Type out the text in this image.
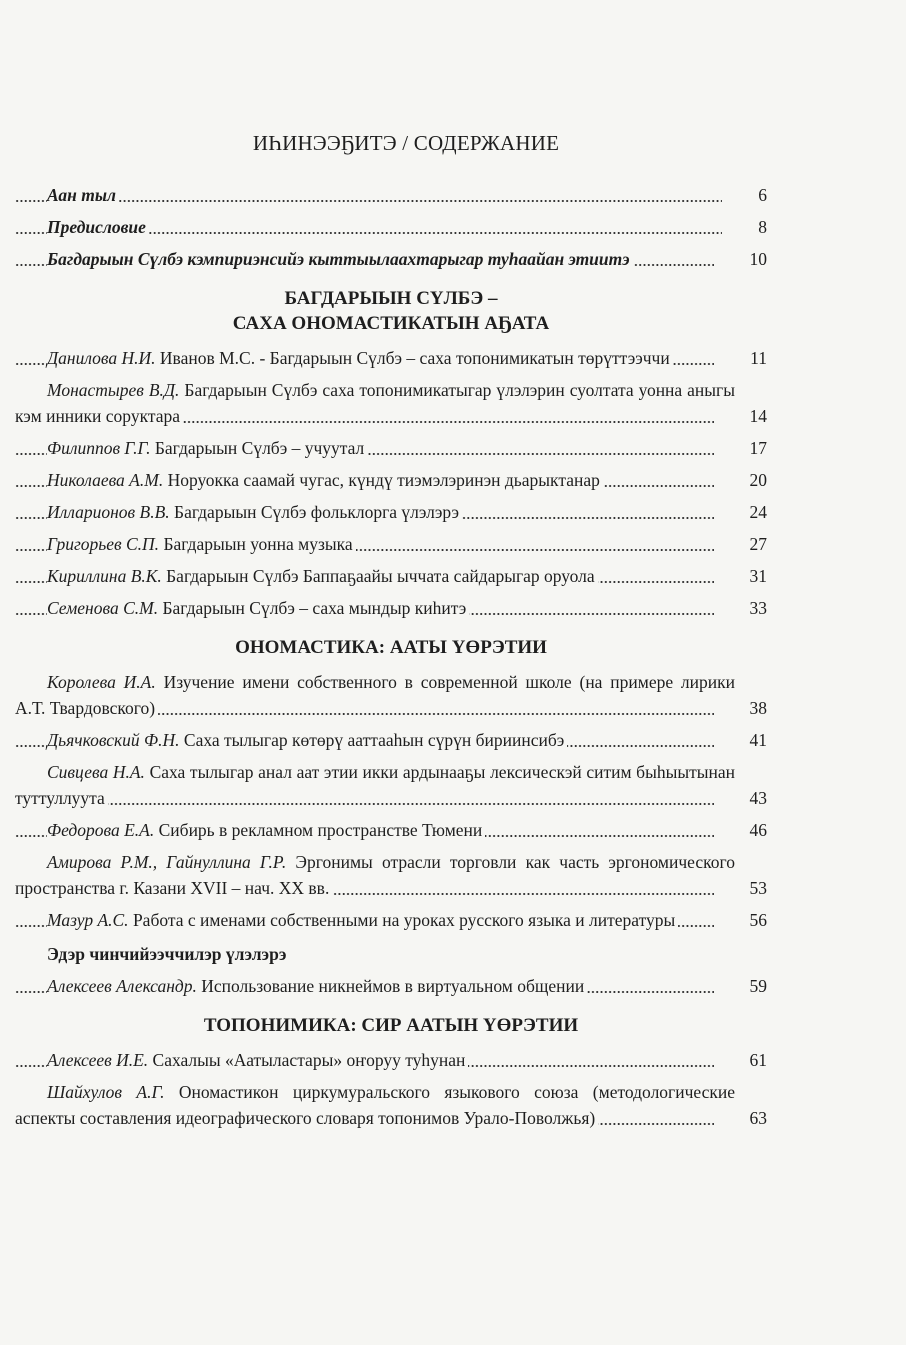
ИҺИНЭЭҔИТЭ / СОДЕРЖАНИЕ
Аан тыл	6
Предисловие	8
Багдарыын Сүлбэ кэмпириэнсийэ кыттыылаахтарыгар туһаайан этиитэ	10
БАГДАРЫЫН СҮЛБЭ –
САХА ОНОМАСТИКАТЫН АҔАТА
Данилова Н.И. Иванов М.С. - Багдарыын Сүлбэ – саха топонимикатын төрүттээччи	11
Монастырев В.Д. Багдарыын Сүлбэ саха топонимикатыгар үлэлэрин суолтата уонна аныгы кэм инники соруктара	14
Филиппов Г.Г. Багдарыын Сүлбэ – учуутал	17
Николаева А.М. Норуокка саамай чугас, күндү тиэмэлэринэн дьарыктанар	20
Илларионов В.В. Багдарыын Сүлбэ фольклорга үлэлэрэ	24
Григорьев С.П. Багдарыын уонна музыка	27
Кириллина В.К. Багдарыын Сүлбэ Баппаҕаайы ыччата сайдарыгар оруола	31
Семенова С.М. Багдарыын Сүлбэ – саха мындыр киһитэ	33
ОНОМАСТИКА: ААТЫ ҮӨРЭТИИ
Королева И.А. Изучение имени собственного в современной школе (на примере лирики А.Т. Твардовского)	38
Дьячковский Ф.Н. Саха тылыгар көтөрү ааттааһын сүрүн бириинсибэ	41
Сивцева Н.А. Саха тылыгар анал аат этии икки ардынааҕы лексическэй ситим быһыытынан туттуллуута	43
Федорова Е.А. Сибирь в рекламном пространстве Тюмени	46
Амирова Р.М., Гайнуллина Г.Р. Эргонимы отрасли торговли как часть эргономического пространства г. Казани XVII – нач. XX вв.	53
Мазур А.С. Работа с именами собственными на уроках русского языка и литературы	56
Эдэр чинчийээччилэр үлэлэрэ
Алексеев Александр. Использование никнеймов в виртуальном общении	59
ТОПОНИМИКА: СИР ААТЫН ҮӨРЭТИИ
Алексеев И.Е. Сахалыы «Аатыластары» оҥоруу туһунан	61
Шайхулов А.Г. Ономастикон циркумуральского языкового союза (методологические аспекты составления идеографического словаря топонимов Урало-Поволжья)	63
